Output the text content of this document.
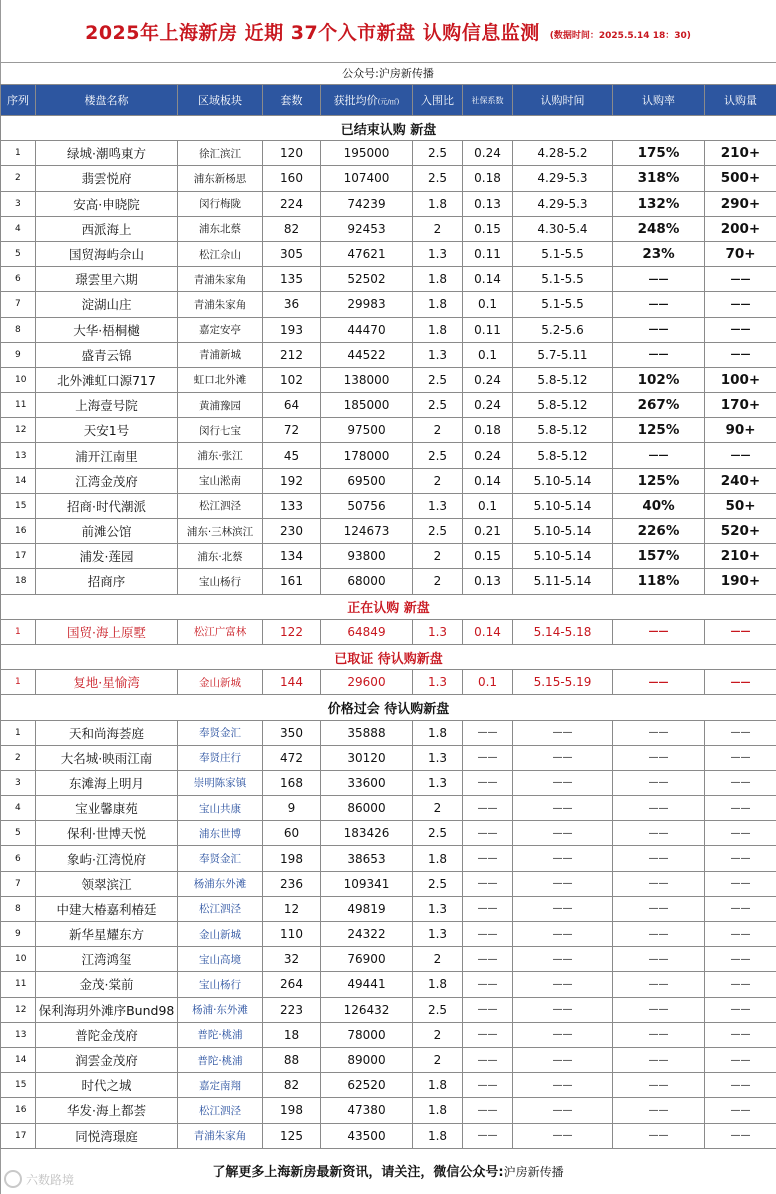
2025年上海新房 近期 37个入市新盘 认购信息监测 (数据时间：2025.5.14 18：30)
公众号:沪房新传播
序列	楼盘名称	区域板块	套数	获批均价(元/㎡)	入围比	社保系数	认购时间	认购率	认购量
已结束认购 新盘									
1	绿城·潮鸣東方	徐汇滨江	120	195000	2.5	0.24	4.28-5.2	175%	210+
2	翡雲悦府	浦东新杨思	160	107400	2.5	0.18	4.29-5.3	318%	500+
3	安高·申晓院	闵行梅陇	224	74239	1.8	0.13	4.29-5.3	132%	290+
4	西派海上	浦东北蔡	82	92453	2	0.15	4.30-5.4	248%	200+
5	国贸海屿佘山	松江佘山	305	47621	1.3	0.11	5.1-5.5	23%	70+
6	璟雲里六期	青浦朱家角	135	52502	1.8	0.14	5.1-5.5	——	——
7	淀湖山庄	青浦朱家角	36	29983	1.8	0.1	5.1-5.5	——	——
8	大华·梧桐樾	嘉定安亭	193	44470	1.8	0.11	5.2-5.6	——	——
9	盛青云锦	青浦新城	212	44522	1.3	0.1	5.7-5.11	——	——
10	北外滩虹口源717	虹口北外滩	102	138000	2.5	0.24	5.8-5.12	102%	100+
11	上海壹号院	黄浦豫园	64	185000	2.5	0.24	5.8-5.12	267%	170+
12	天安1号	闵行七宝	72	97500	2	0.18	5.8-5.12	125%	90+
13	浦开江南里	浦东·张江	45	178000	2.5	0.24	5.8-5.12	——	——
14	江湾金茂府	宝山淞南	192	69500	2	0.14	5.10-5.14	125%	240+
15	招商·时代潮派	松江泗泾	133	50756	1.3	0.1	5.10-5.14	40%	50+
16	前滩公馆	浦东·三林滨江	230	124673	2.5	0.21	5.10-5.14	226%	520+
17	浦发·莲园	浦东·北蔡	134	93800	2	0.15	5.10-5.14	157%	210+
18	招商序	宝山杨行	161	68000	2	0.13	5.11-5.14	118%	190+
正在认购 新盘									
1	国贸·海上原墅	松江广富林	122	64849	1.3	0.14	5.14-5.18	——	——
已取证 待认购新盘									
1	复地·星愉湾	金山新城	144	29600	1.3	0.1	5.15-5.19	——	——
价格过会 待认购新盘									
1	天和尚海荟庭	奉贤金汇	350	35888	1.8	——	——	——	——
2	大名城·映雨江南	奉贤庄行	472	30120	1.3	——	——	——	——
3	东滩海上明月	崇明陈家镇	168	33600	1.3	——	——	——	——
4	宝业馨康苑	宝山共康	9	86000	2	——	——	——	——
5	保利·世博天悦	浦东世博	60	183426	2.5	——	——	——	——
6	象屿·江湾悦府	奉贤金汇	198	38653	1.8	——	——	——	——
7	领翠滨江	杨浦东外滩	236	109341	2.5	——	——	——	——
8	中建大椿嘉利椿廷	松江泗泾	12	49819	1.3	——	——	——	——
9	新华星耀东方	金山新城	110	24322	1.3	——	——	——	——
10	江湾鸿玺	宝山高境	32	76900	2	——	——	——	——
11	金茂·棠前	宝山杨行	264	49441	1.8	——	——	——	——
12	保利海玥外滩序Bund98	杨浦·东外滩	223	126432	2.5	——	——	——	——
13	普陀金茂府	普陀·桃浦	18	78000	2	——	——	——	——
14	润雲金茂府	普陀·桃浦	88	89000	2	——	——	——	——
15	时代之城	嘉定南翔	82	62520	1.8	——	——	——	——
16	华发·海上都荟	松江泗泾	198	47380	1.8	——	——	——	——
17	同悦湾璟庭	青浦朱家角	125	43500	1.8	——	——	——	——
了解更多上海新房最新资讯，请关注，微信公众号:沪房新传播
六数路境
